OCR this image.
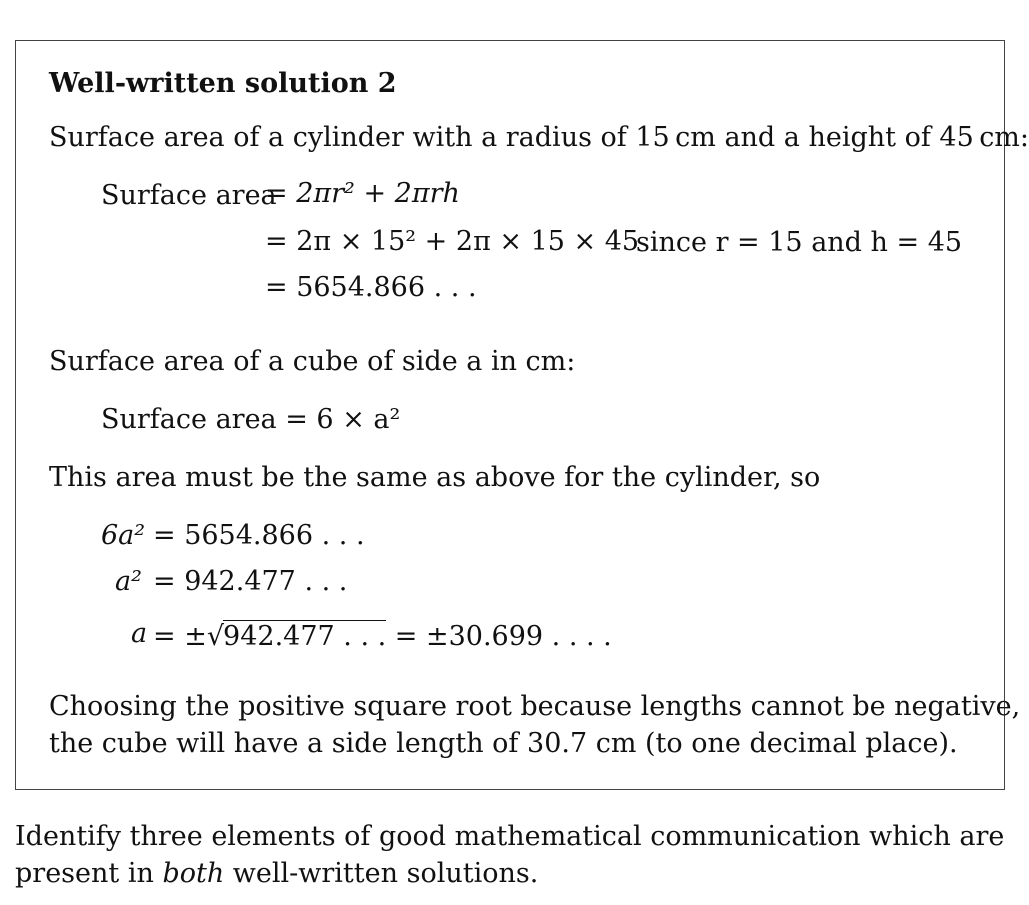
Well-written solution 2
Surface area of a cylinder with a radius of 15  cm and a height of 45  cm:
Surface area
= 2πr² + 2πrh
= 2π × 15² + 2π × 15 × 45
since r = 15 and h = 45
= 5654.866 . . .
Surface area of a cube of side a in cm:
Surface area = 6 × a²
This area must be the same as above for the cylinder, so
6a² = 5654.866 . . .
a² = 942.477 . . .
a = ±√942.477 . . . = ±30.699 . . . .
Choosing the positive square root because lengths cannot be negative,
the cube will have a side length of 30.7 cm (to one decimal place).
Identify three elements of good mathematical communication which are
present in both well-written solutions.
